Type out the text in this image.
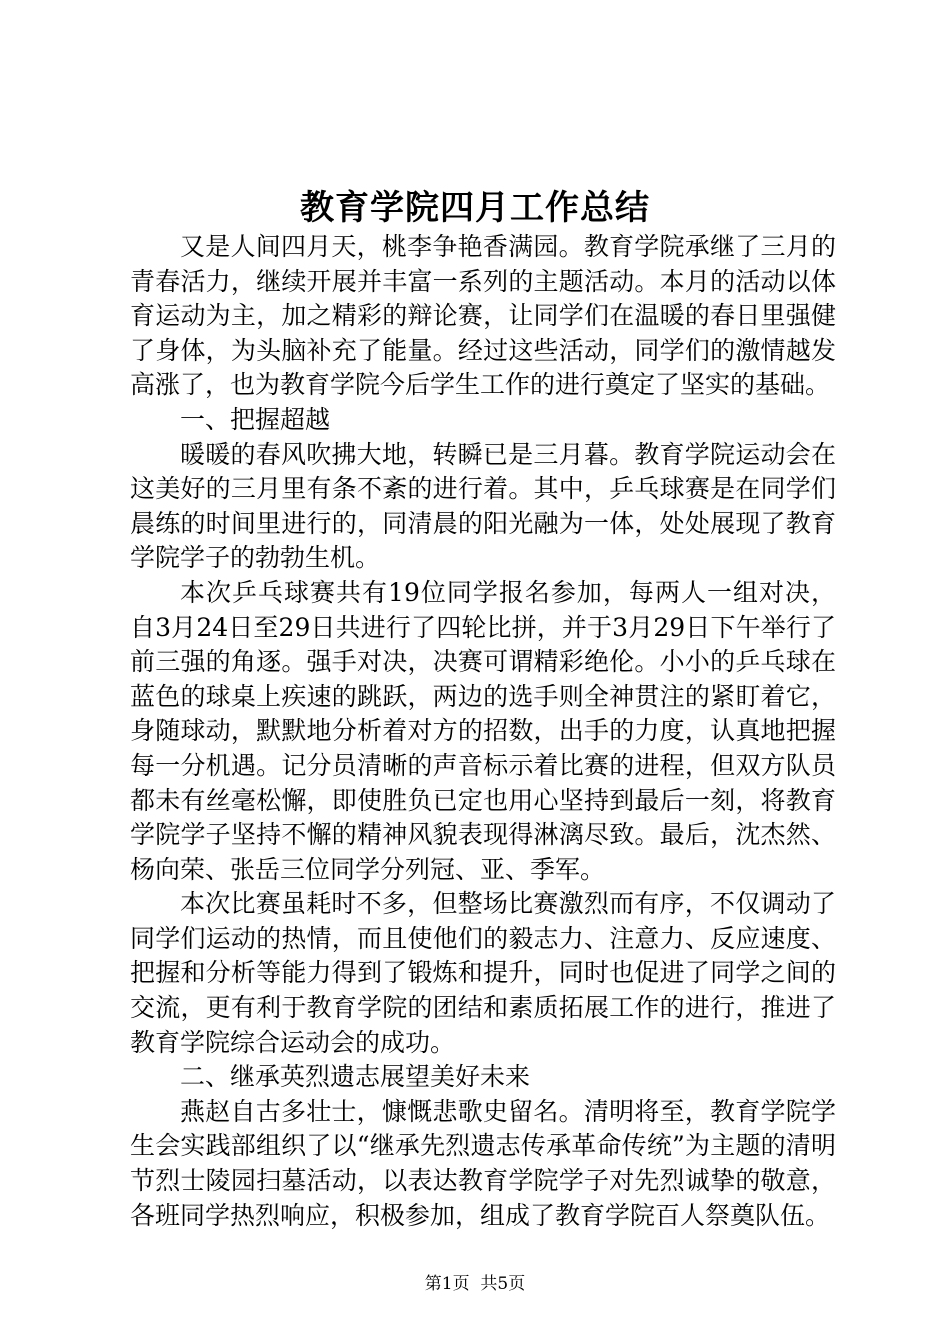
教育学院四月工作总结

又是人间四月天，桃李争艳香满园。教育学院承继了三月的青春活力，继续开展并丰富一系列的主题活动。本月的活动以体育运动为主，加之精彩的辩论赛，让同学们在温暖的春日里强健了身体，为头脑补充了能量。经过这些活动，同学们的激情越发高涨了，也为教育学院今后学生工作的进行奠定了坚实的基础。

一、把握超越

暖暖的春风吹拂大地，转瞬已是三月暮。教育学院运动会在这美好的三月里有条不紊的进行着。其中，乒乓球赛是在同学们晨练的时间里进行的，同清晨的阳光融为一体，处处展现了教育学院学子的勃勃生机。

本次乒乓球赛共有19位同学报名参加，每两人一组对决，自3月24日至29日共进行了四轮比拼，并于3月29日下午举行了前三强的角逐。强手对决，决赛可谓精彩绝伦。小小的乒乓球在蓝色的球桌上疾速的跳跃，两边的选手则全神贯注的紧盯着它，身随球动，默默地分析着对方的招数，出手的力度，认真地把握每一分机遇。记分员清晰的声音标示着比赛的进程，但双方队员都未有丝毫松懈，即使胜负已定也用心坚持到最后一刻，将教育学院学子坚持不懈的精神风貌表现得淋漓尽致。最后，沈杰然、杨向荣、张岳三位同学分列冠、亚、季军。

本次比赛虽耗时不多，但整场比赛激烈而有序，不仅调动了同学们运动的热情，而且使他们的毅志力、注意力、反应速度、把握和分析等能力得到了锻炼和提升，同时也促进了同学之间的交流，更有利于教育学院的团结和素质拓展工作的进行，推进了教育学院综合运动会的成功。

二、继承英烈遗志展望美好未来

燕赵自古多壮士，慷慨悲歌史留名。清明将至，教育学院学生会实践部组织了以“继承先烈遗志传承革命传统”为主题的清明节烈士陵园扫墓活动，以表达教育学院学子对先烈诚挚的敬意，各班同学热烈响应，积极参加，组成了教育学院百人祭奠队伍。

第1页 共5页
